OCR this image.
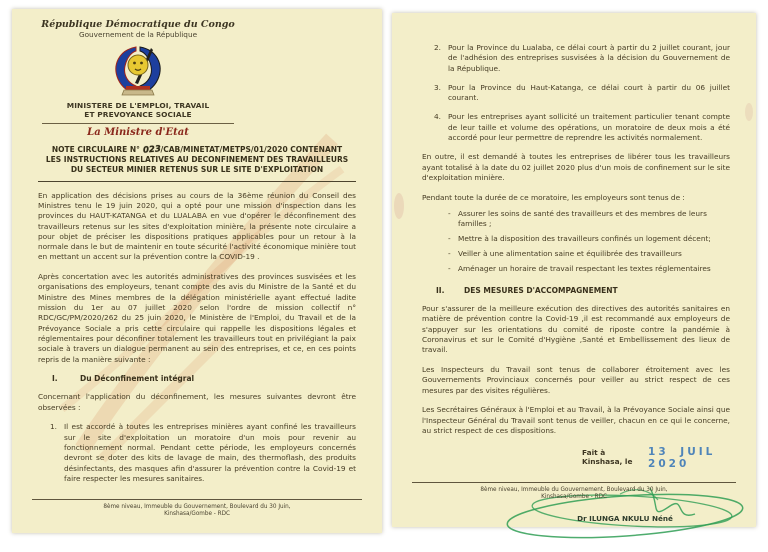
République Démocratique du Congo
Gouvernement de la République
MINISTERE DE L'EMPLOI, TRAVAIL
ET PREVOYANCE SOCIALE
La Ministre d'Etat
NOTE CIRCULAIRE N° 023/CAB/MINETAT/METPS/01/2020 CONTENANT LES INSTRUCTIONS RELATIVES AU DECONFINEMENT DES TRAVAILLEURS DU SECTEUR MINIER RETENUS SUR LE SITE D'EXPLOITATION

En application des décisions prises au cours de la 36ème réunion du Conseil des Ministres tenu le 19 juin 2020, qui a opté pour une mission d'inspection dans les provinces du HAUT-KATANGA et du LUALABA en vue d'opérer le déconfinement des travailleurs retenus sur les sites d'exploitation minière, la présente note circulaire a pour objet de préciser les dispositions pratiques applicables pour un retour à la normale dans le but de maintenir en toute sécurité l'activité économique minière tout en mettant un accent sur la prévention contre la COVID-19 .

Après concertation avec les autorités administratives des provinces susvisées et les organisations des employeurs, tenant compte des avis du Ministre de la Santé et du Ministre des Mines membres de la délégation ministérielle ayant effectué ladite mission du 1er au 07 juillet 2020 selon l'ordre de mission collectif n° RDC/GC/PM/2020/262 du 25 juin 2020, le Ministère de l'Emploi, du Travail et de la Prévoyance Sociale a pris cette circulaire qui rappelle les dispositions légales et réglementaires pour déconfiner totalement les travailleurs tout en privilégiant la paix sociale à travers un dialogue permanent au sein des entreprises, et ce, en ces points repris de la manière suivante :

I.	Du Déconfinement intégral

Concernant l'application du déconfinement, les mesures suivantes devront être observées :

1. Il est accordé à toutes les entreprises minières ayant confiné les travailleurs sur le site d'exploitation un moratoire d'un mois pour revenir au fonctionnement normal. Pendant cette période, les employeurs concernés devront se doter des kits de lavage de main, des thermoflash, des produits désinfectants, des masques afin d'assurer la prévention contre la Covid-19 et faire respecter les mesures sanitaires.
8ème niveau, Immeuble du Gouvernement, Boulevard du 30 Juin,
Kinshasa/Gombe - RDC
2. Pour la Province du Lualaba, ce délai court à partir du 2 juillet courant, jour de l'adhésion des entreprises susvisées à la décision du Gouvernement de la République.
3. Pour la Province du Haut-Katanga, ce délai court à partir du 06 juillet courant.
4. Pour les entreprises ayant sollicité un traitement particulier tenant compte de leur taille et volume des opérations, un moratoire de deux mois a été accordé pour leur permettre de reprendre les activités normalement.

En outre, il est demandé à toutes les entreprises de libérer tous les travailleurs ayant totalisé à la date du 02 juillet 2020 plus d'un mois de confinement sur le site d'exploitation minière.

Pendant toute la durée de ce moratoire, les employeurs sont tenus de :

- Assurer les soins de santé des travailleurs et des membres de leurs familles ;
- Mettre à la disposition des travailleurs confinés un logement décent;
- Veiller à une alimentation saine et équilibrée des travailleurs
- Aménager un horaire de travail respectant les textes réglementaires
II.	DES MESURES D'ACCOMPAGNEMENT

Pour s'assurer de la meilleure exécution des directives des autorités sanitaires en matière de prévention contre la Covid-19 ,il est recommandé aux employeurs de s'appuyer sur les orientations du comité de riposte contre la pandémie à Coronavirus et sur le Comité d'Hygiène ,Santé et Embellissement des lieux de travail.

Les Inspecteurs du Travail sont tenus de collaborer étroitement avec les Gouvernements Provinciaux concernés pour veiller au strict respect de ces mesures par des visites régulières.

Les Secrétaires Généraux à l'Emploi et au Travail, à la Prévoyance Sociale ainsi que l'Inspecteur Général du Travail sont tenus de veiller, chacun en ce qui le concerne, au strict respect de ces dispositions.

Fait à Kinshasa, le
13 JUIL 2020
Dr ILUNGA NKULU Néné
8ème niveau, Immeuble du Gouvernement, Boulevard du 30 Juin,
Kinshasa/Gombe - RDC
